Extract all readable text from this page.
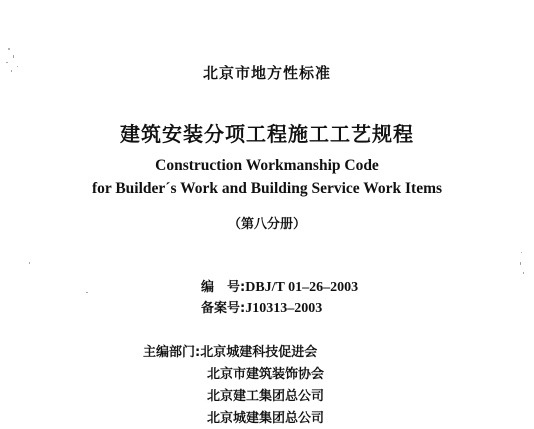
北京市地方性标准
建筑安装分项工程施工工艺规程
Construction Workmanship Code
for Builder´s Work and Building Service Work Items
（第八分册）
编　号:DBJ/T 01–26–2003
备案号:J10313–2003
主编部门:北京城建科技促进会
北京市建筑装饰协会
北京建工集团总公司
北京城建集团总公司
